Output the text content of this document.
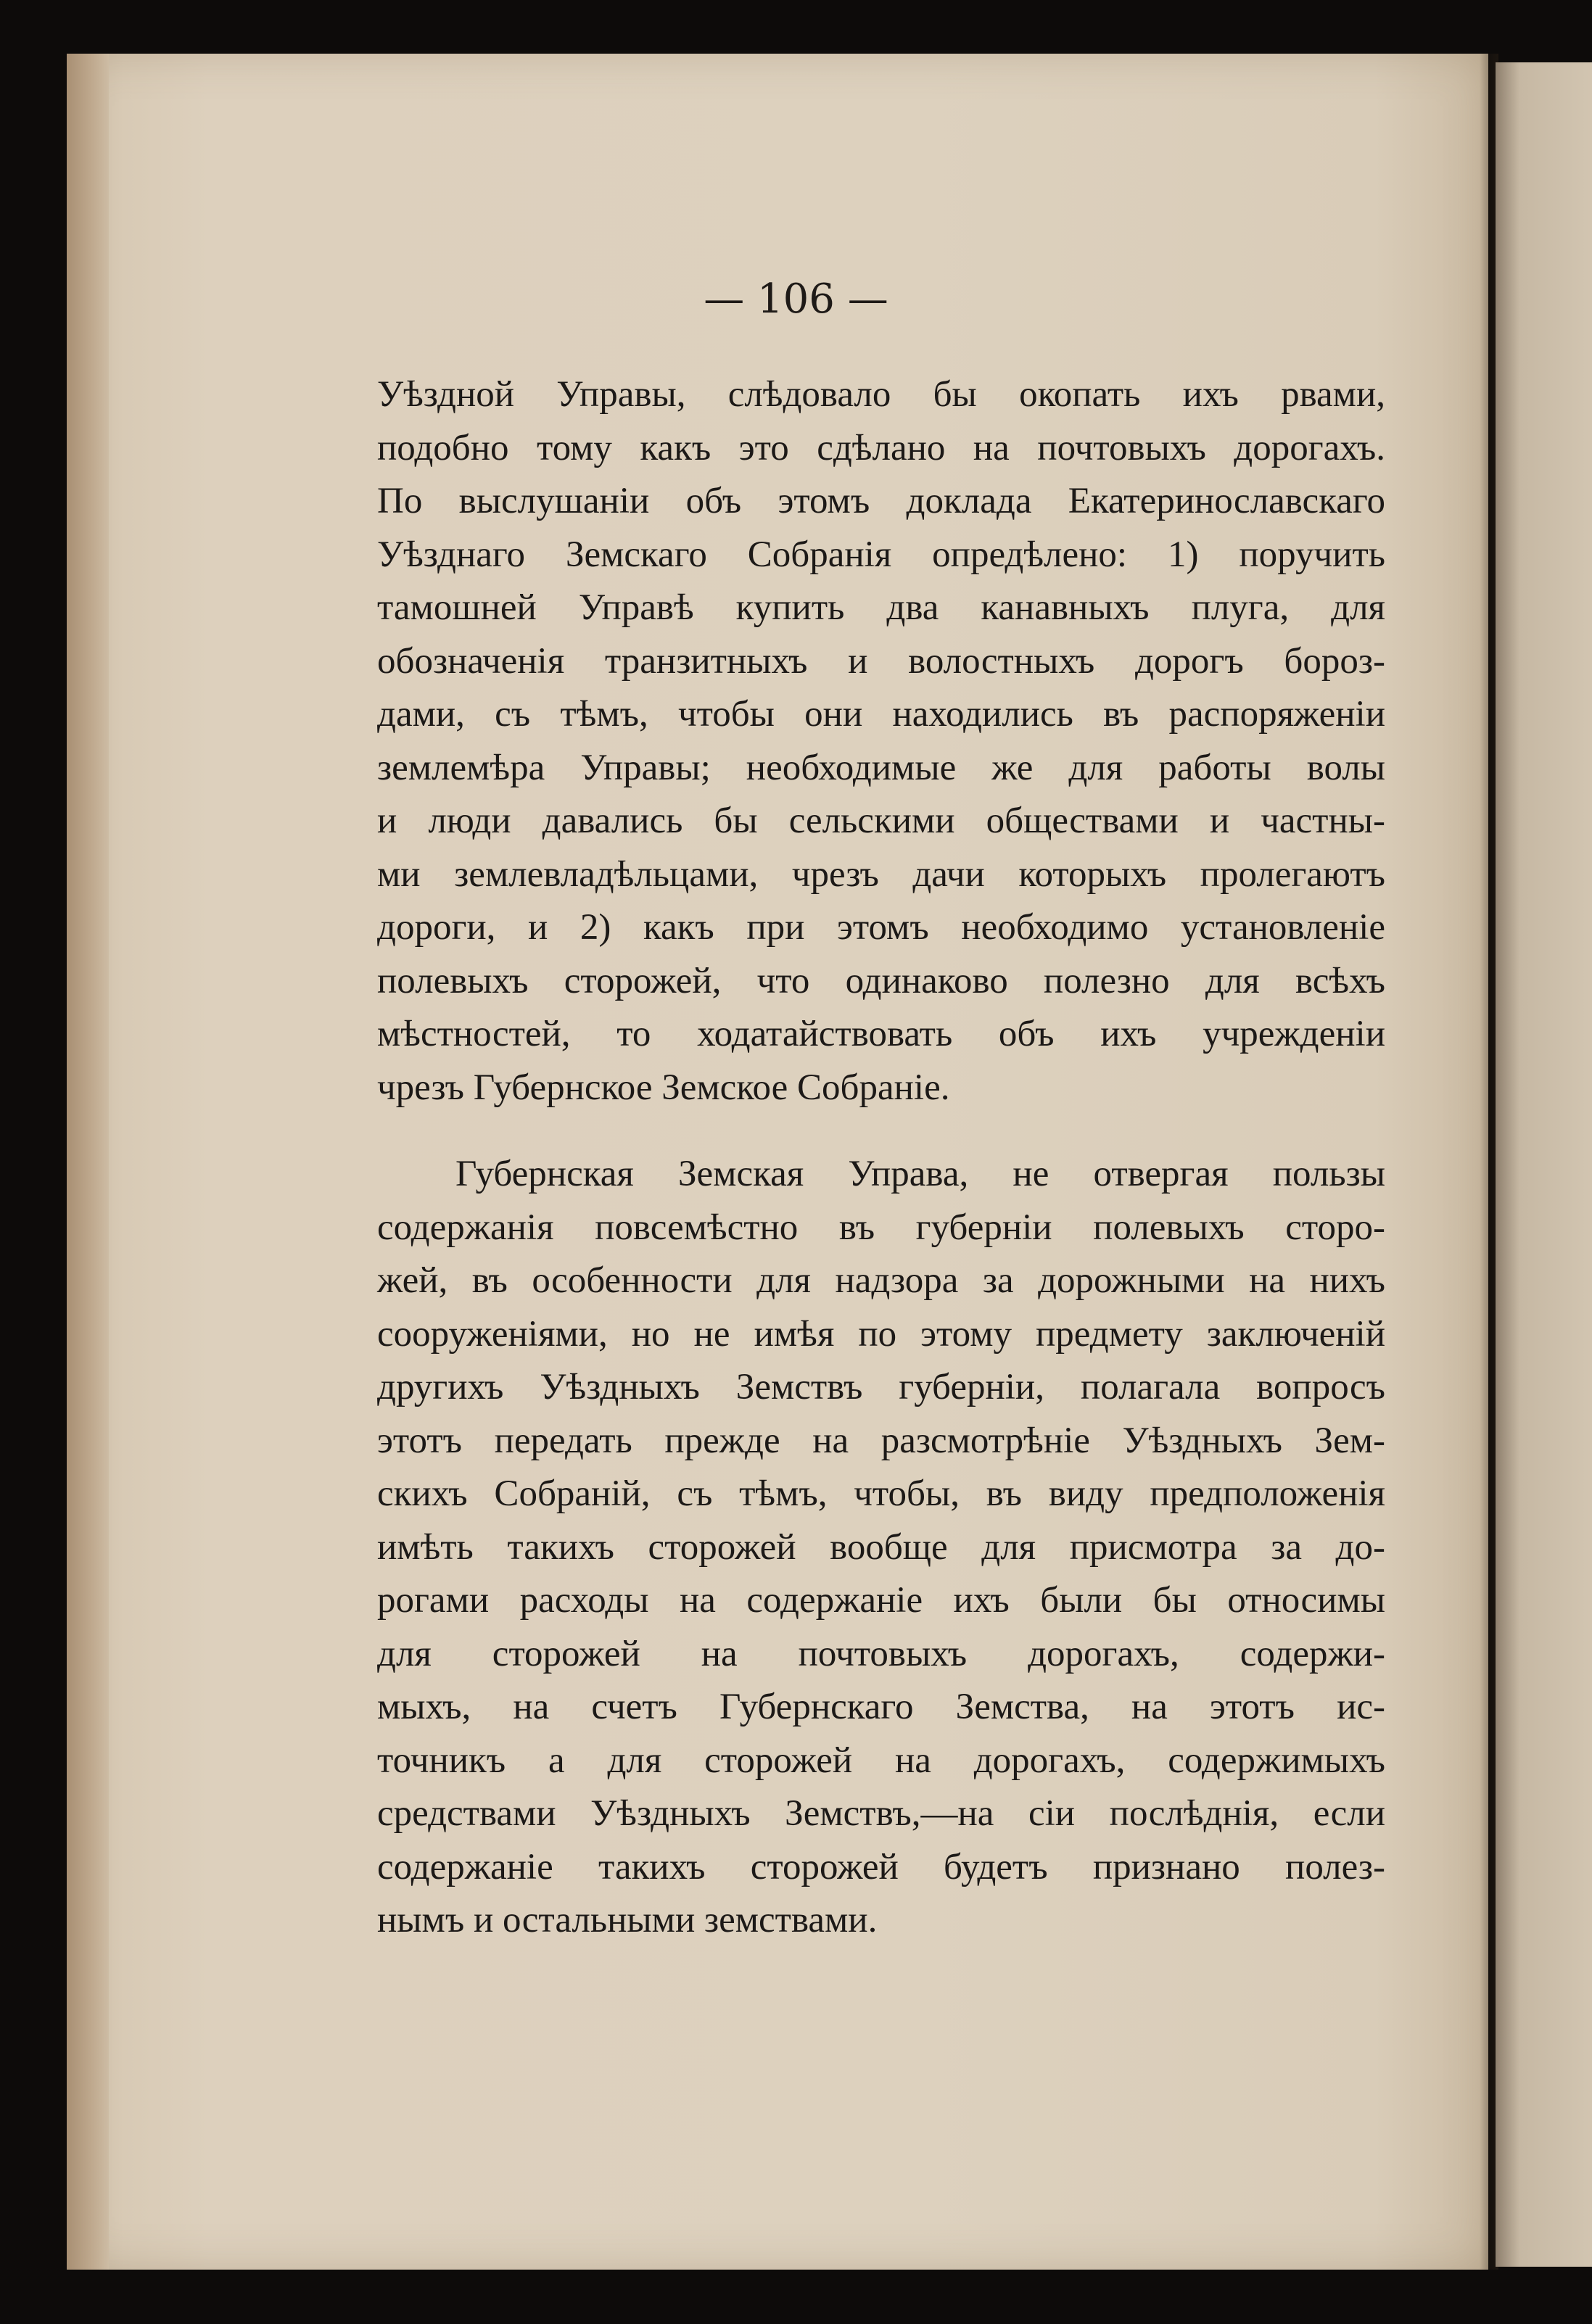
— 106 —
Уѣздной Управы, слѣдовало бы окопать ихъ рвами,
подобно тому какъ это сдѣлано на почтовыхъ дорогахъ.
По выслушаніи объ этомъ доклада Екатеринославскаго
Уѣзднаго Земскаго Собранія опредѣлено: 1) поручить
тамошней Управѣ купить два канавныхъ плуга, для
обозначенія транзитныхъ и волостныхъ дорогъ бороз-
дами, съ тѣмъ, чтобы они находились въ распоряженіи
землемѣра Управы; необходимые же для работы волы
и люди давались бы сельскими обществами и частны-
ми землевладѣльцами, чрезъ дачи которыхъ пролегаютъ
дороги, и 2) какъ при этомъ необходимо установленіе
полевыхъ сторожей, что одинаково полезно для всѣхъ
мѣстностей, то ходатайствовать объ ихъ учрежденіи
чрезъ Губернское Земское Собраніе.
Губернская Земская Управа, не отвергая пользы
содержанія повсемѣстно въ губерніи полевыхъ сторо-
жей, въ особенности для надзора за дорожными на нихъ
сооруженіями, но не имѣя по этому предмету заключеній
другихъ Уѣздныхъ Земствъ губерніи, полагала вопросъ
этотъ передать прежде на разсмотрѣніе Уѣздныхъ Зем-
скихъ Собраній, съ тѣмъ, чтобы, въ виду предположенія
имѣть такихъ сторожей вообще для присмотра за до-
рогами расходы на содержаніе ихъ были бы относимы
для сторожей на почтовыхъ дорогахъ, содержи-
мыхъ, на счетъ Губернскаго Земства, на этотъ ис-
точникъ а для сторожей на дорогахъ, содержимыхъ
средствами Уѣздныхъ Земствъ,—на сіи послѣднія, если
содержаніе такихъ сторожей будетъ признано полез-
нымъ и остальными земствами.
